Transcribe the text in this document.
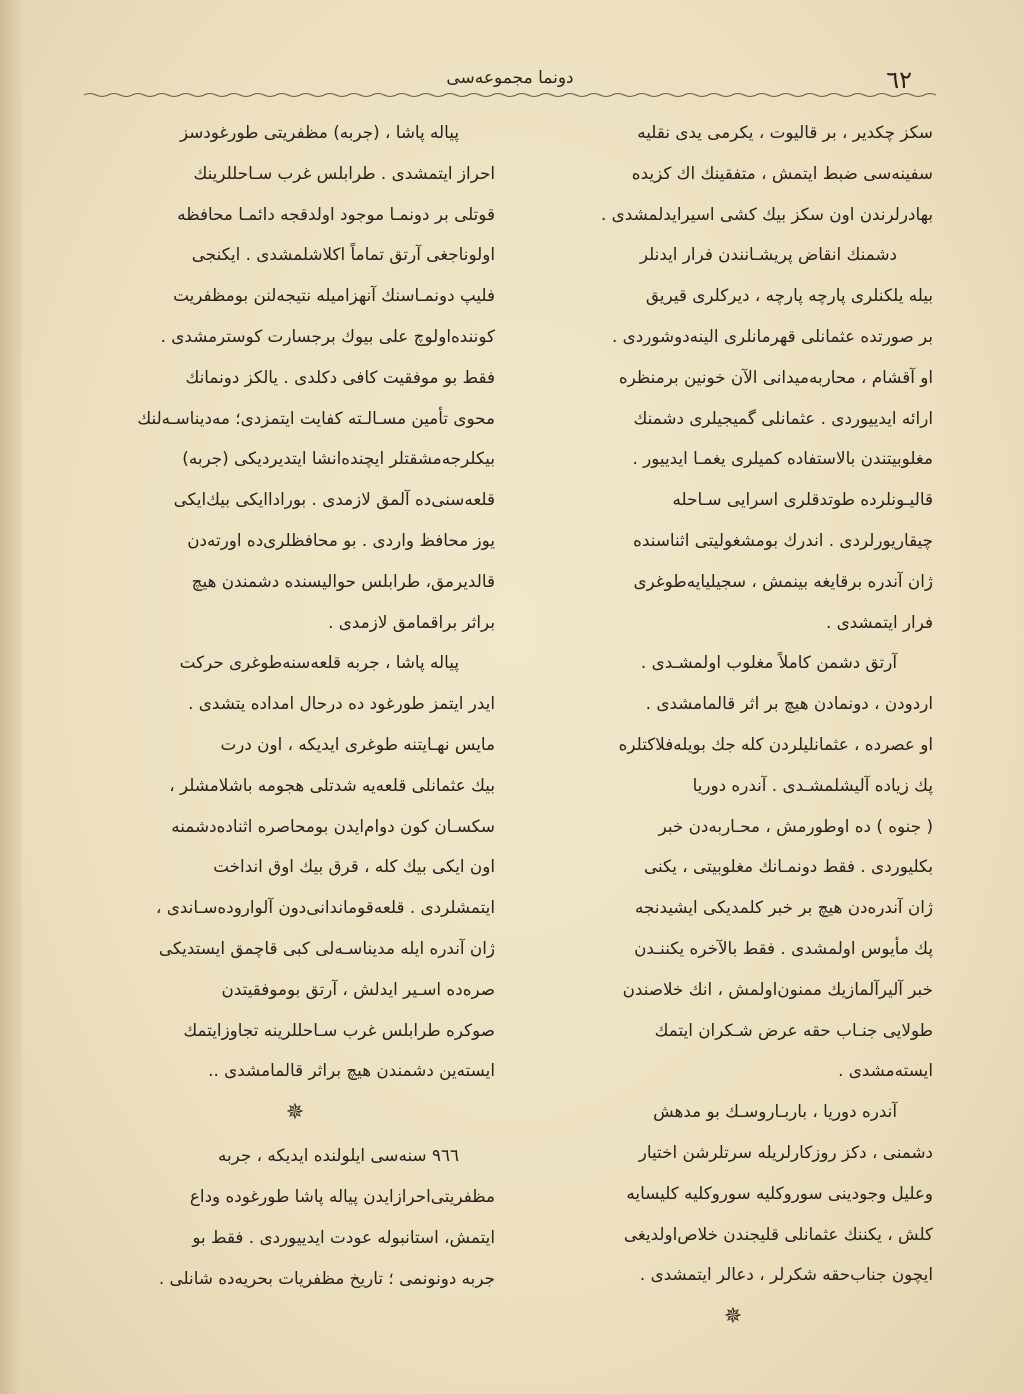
٦٢
دونما مجموعه‌سی
سکز چکدیر ، بر قالیوت ، یکرمی یدی نقلیه
سفینه‌سی ضبط ایتمش ، متفقینك اك کزیده
بهادرلرندن اون سکز بیك کشی اسیرایدلمشدی .
دشمنك انقاض پریشـانندن فرار ایدنلر
بیله یلکنلری پارچه پارچه ، دیرکلری قیریق
بر صورتده عثمانلی قهرمانلری الینه‌دوشوردی .
او آقشام ، محاربه‌میدانی الآن خونین برمنظره
ارائه ایدییوردی . عثمانلی گمیجیلری دشمنك
مغلوبیتندن بالاستفاده کمیلری یغمـا ایدییور .
قالیـونلرده طوتدقلری اسرایی سـاحله
چیقاریورلردی . اندرك بومشغولیتی اثناسنده
ژان آندره برقایغه بینمش ، سجیلیایه‌طوغری
فرار ایتمشدی .
آرتق دشمن کاملاً مغلوب اولمشـدی .
اردودن ، دونمادن هیچ بر اثر قالمامشدی .
او عصرده ، عثمانلیلردن کله جك بویله‌فلاکتلره
پك زیاده آلیشلمشـدی . آندره دوریا
( جنوه ) ده اوطورمش ، محـاربه‌دن خبر
بکلیوردی . فقط دونمـانك مغلوبیتی ، یکنی
ژان آندره‌دن هیچ بر خبر کلمدیکی ایشیدنجه
پك مأیوس اولمشدی . فقط بالآخره یکننـدن
خبر آلیرآلمازیك ممنون‌اولمش ، انك خلاصندن
طولایی جنـاب حقه عرض شـکران ایتمك
ایسته‌مشدی .
آندره دوریا ، باربـاروسـك بو مدهش
دشمنی ، دکز روزکارلریله سرتلرشن اختیار
وعلیل وجودینی سوروکلیه سوروکلیه کلیسایه
کلش ، یکننك عثمانلی قلیجندن خلاص‌اولدیغی
ایچون جناب‌حقه شکرلر ، دعالر ایتمشدی .
✵
پیاله پاشا ، (جربه) مظفریتی طورغودسز
احراز ایتمشدی . طرابلس غرب سـاحللرینك
قوتلی بر دونمـا موجود اولدقجه دائمـا محافظه
اولوناجغی آرتق تماماً اکلاشلمشدی . ایکنجی
فلیپ دونمـاسنك آنهزامیله نتیجه‌لنن بومظفریت
کوننده‌اولوچ علی بیوك برجسارت کوسترمشدی .
فقط بو موفقیت کافی دکلدی . یالکز دونمانك
محوی تأمین مسـالـته کفایت ایتمزدی؛ مه‌دیناسـه‌لنك
بیکلرجه‌مشقتلر ایچنده‌انشا ایتدیردیکی (جربه)
قلعه‌سنی‌ده آلمق لازمدی . بورادا‌ایکی بیك‌ایکی
یوز محافظ واردی . بو محافظلری‌ده اورته‌دن
قالدیرمق، طرابلس حوالیسنده دشمندن هیچ
براثر براقمامق لازمدی .
پیاله پاشا ، جربه قلعه‌سنه‌طوغری حرکت
ایدر ایتمز طورغود ده درحال امداده یتشدی .
مایس نهـایتنه طوغری ایدیکه ، اون درت
بیك عثمانلی قلعه‌یه شدتلی هجومه باشلامشلر ،
سکسـان کون دوام‌ایدن بومحاصره اثناده‌دشمنه
اون ایکی بیك کله ، قرق بیك اوق انداخت
ایتمشلردی . قلعه‌قوماندانی‌دون آلواروده‌سـاندی ،
ژان آندره ایله مدیناسـه‌لی کبی قاچمق ایستدیکی
صره‌ده اسـیر ایدلش ، آرتق بوموفقیتدن
صوکره طرابلس غرب سـاحللرینه تجاوزایتمك
ایسته‌ین دشمندن هیچ براثر قالمامشدی ..
✵
٩٦٦ سنه‌سی ایلولنده ایدیکه ، جربه
مظفریتی‌احرازایدن پیاله پاشا طورغوده وداع
ایتمش، استانبوله عودت ایدییوردی . فقط بو
جربه دونونمی ؛ تاریخ مظفریات بحریه‌ده شانلی .
